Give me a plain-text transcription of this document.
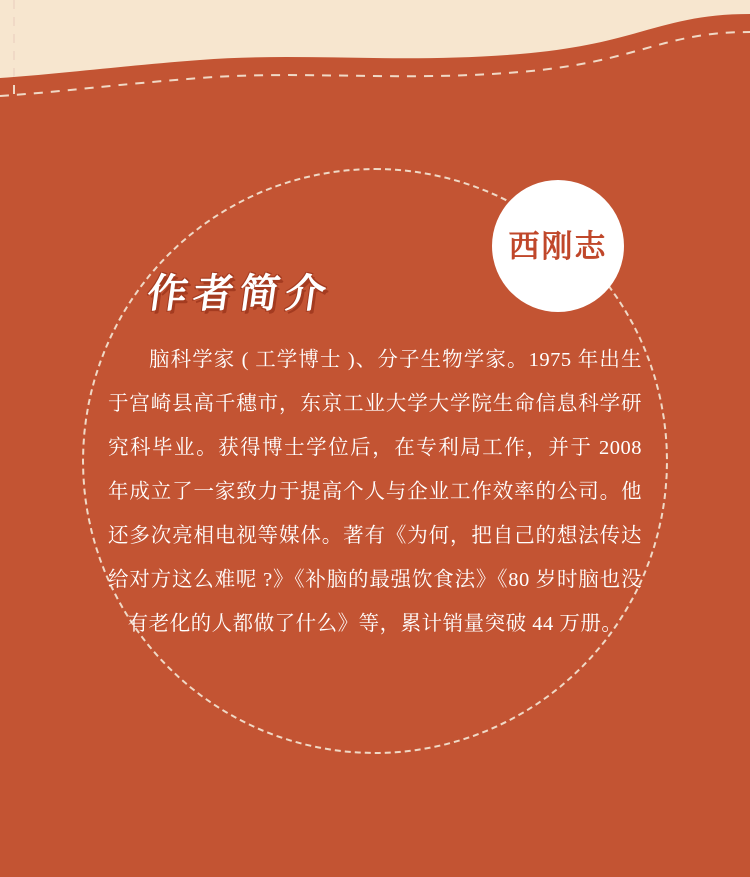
西刚志
作者简介

脑科学家 ( 工学博士 )、分子生物学家。1975 年出生于宫崎县高千穗市，东京工业大学大学院生命信息科学研究科毕业。获得博士学位后，在专利局工作，并于 2008 年成立了一家致力于提高个人与企业工作效率的公司。他还多次亮相电视等媒体。著有《为何，把自己的想法传达给对方这么难呢 ?》《补脑的最强饮食法》《80 岁时脑也没有老化的人都做了什么》等，累计销量突破 44 万册。
